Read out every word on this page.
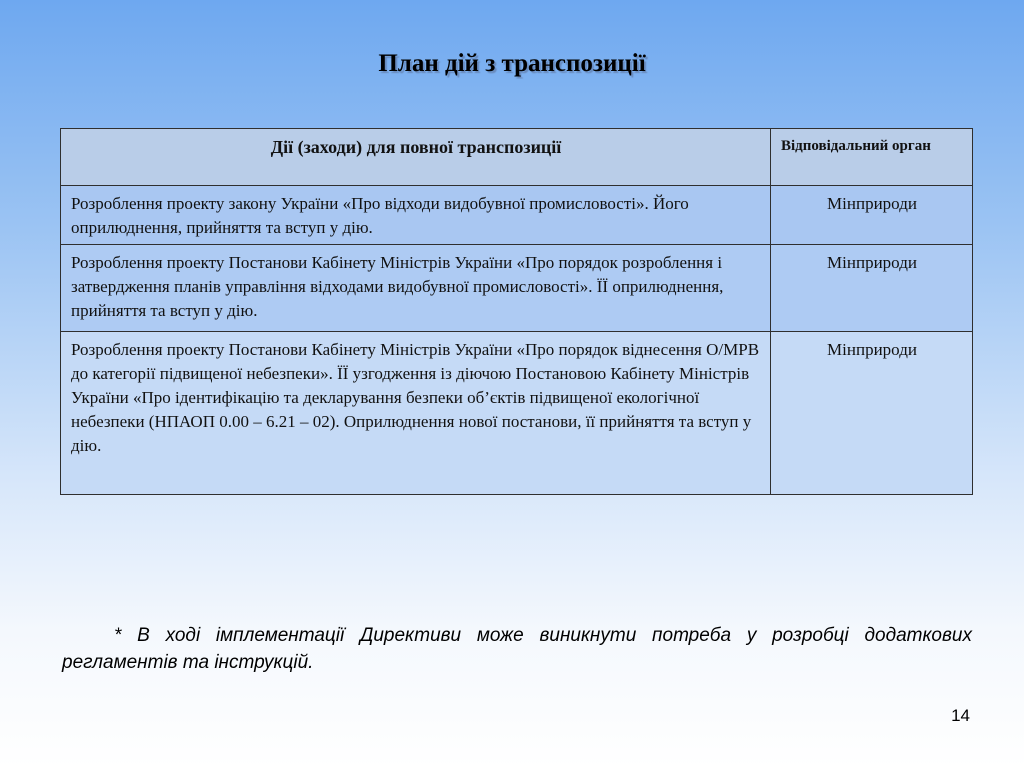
План дій з транспозиції
Дії (заходи) для повної транспозиції	Відповідальний орган
Розроблення проекту закону України «Про відходи видобувної промисловості». Його оприлюднення, прийняття та вступ у дію.	Мінприроди
Розроблення проекту Постанови Кабінету Міністрів України «Про порядок розроблення і затвердження планів управління відходами видобувної промисловості». ЇЇ оприлюднення, прийняття та вступ у дію.	Мінприроди
Розроблення проекту Постанови Кабінету Міністрів України «Про порядок віднесення О/МРВ до категорії підвищеної небезпеки». ЇЇ узгодження із діючою Постановою Кабінету Міністрів України «Про ідентифікацію та декларування безпеки об’єктів підвищеної екологічної небезпеки (НПАОП 0.00 – 6.21 – 02). Оприлюднення нової постанови, її прийняття та вступ у дію.	Мінприроди
* В ході імплементації Директиви може виникнути потреба у розробці додаткових регламентів та інструкцій.
14
